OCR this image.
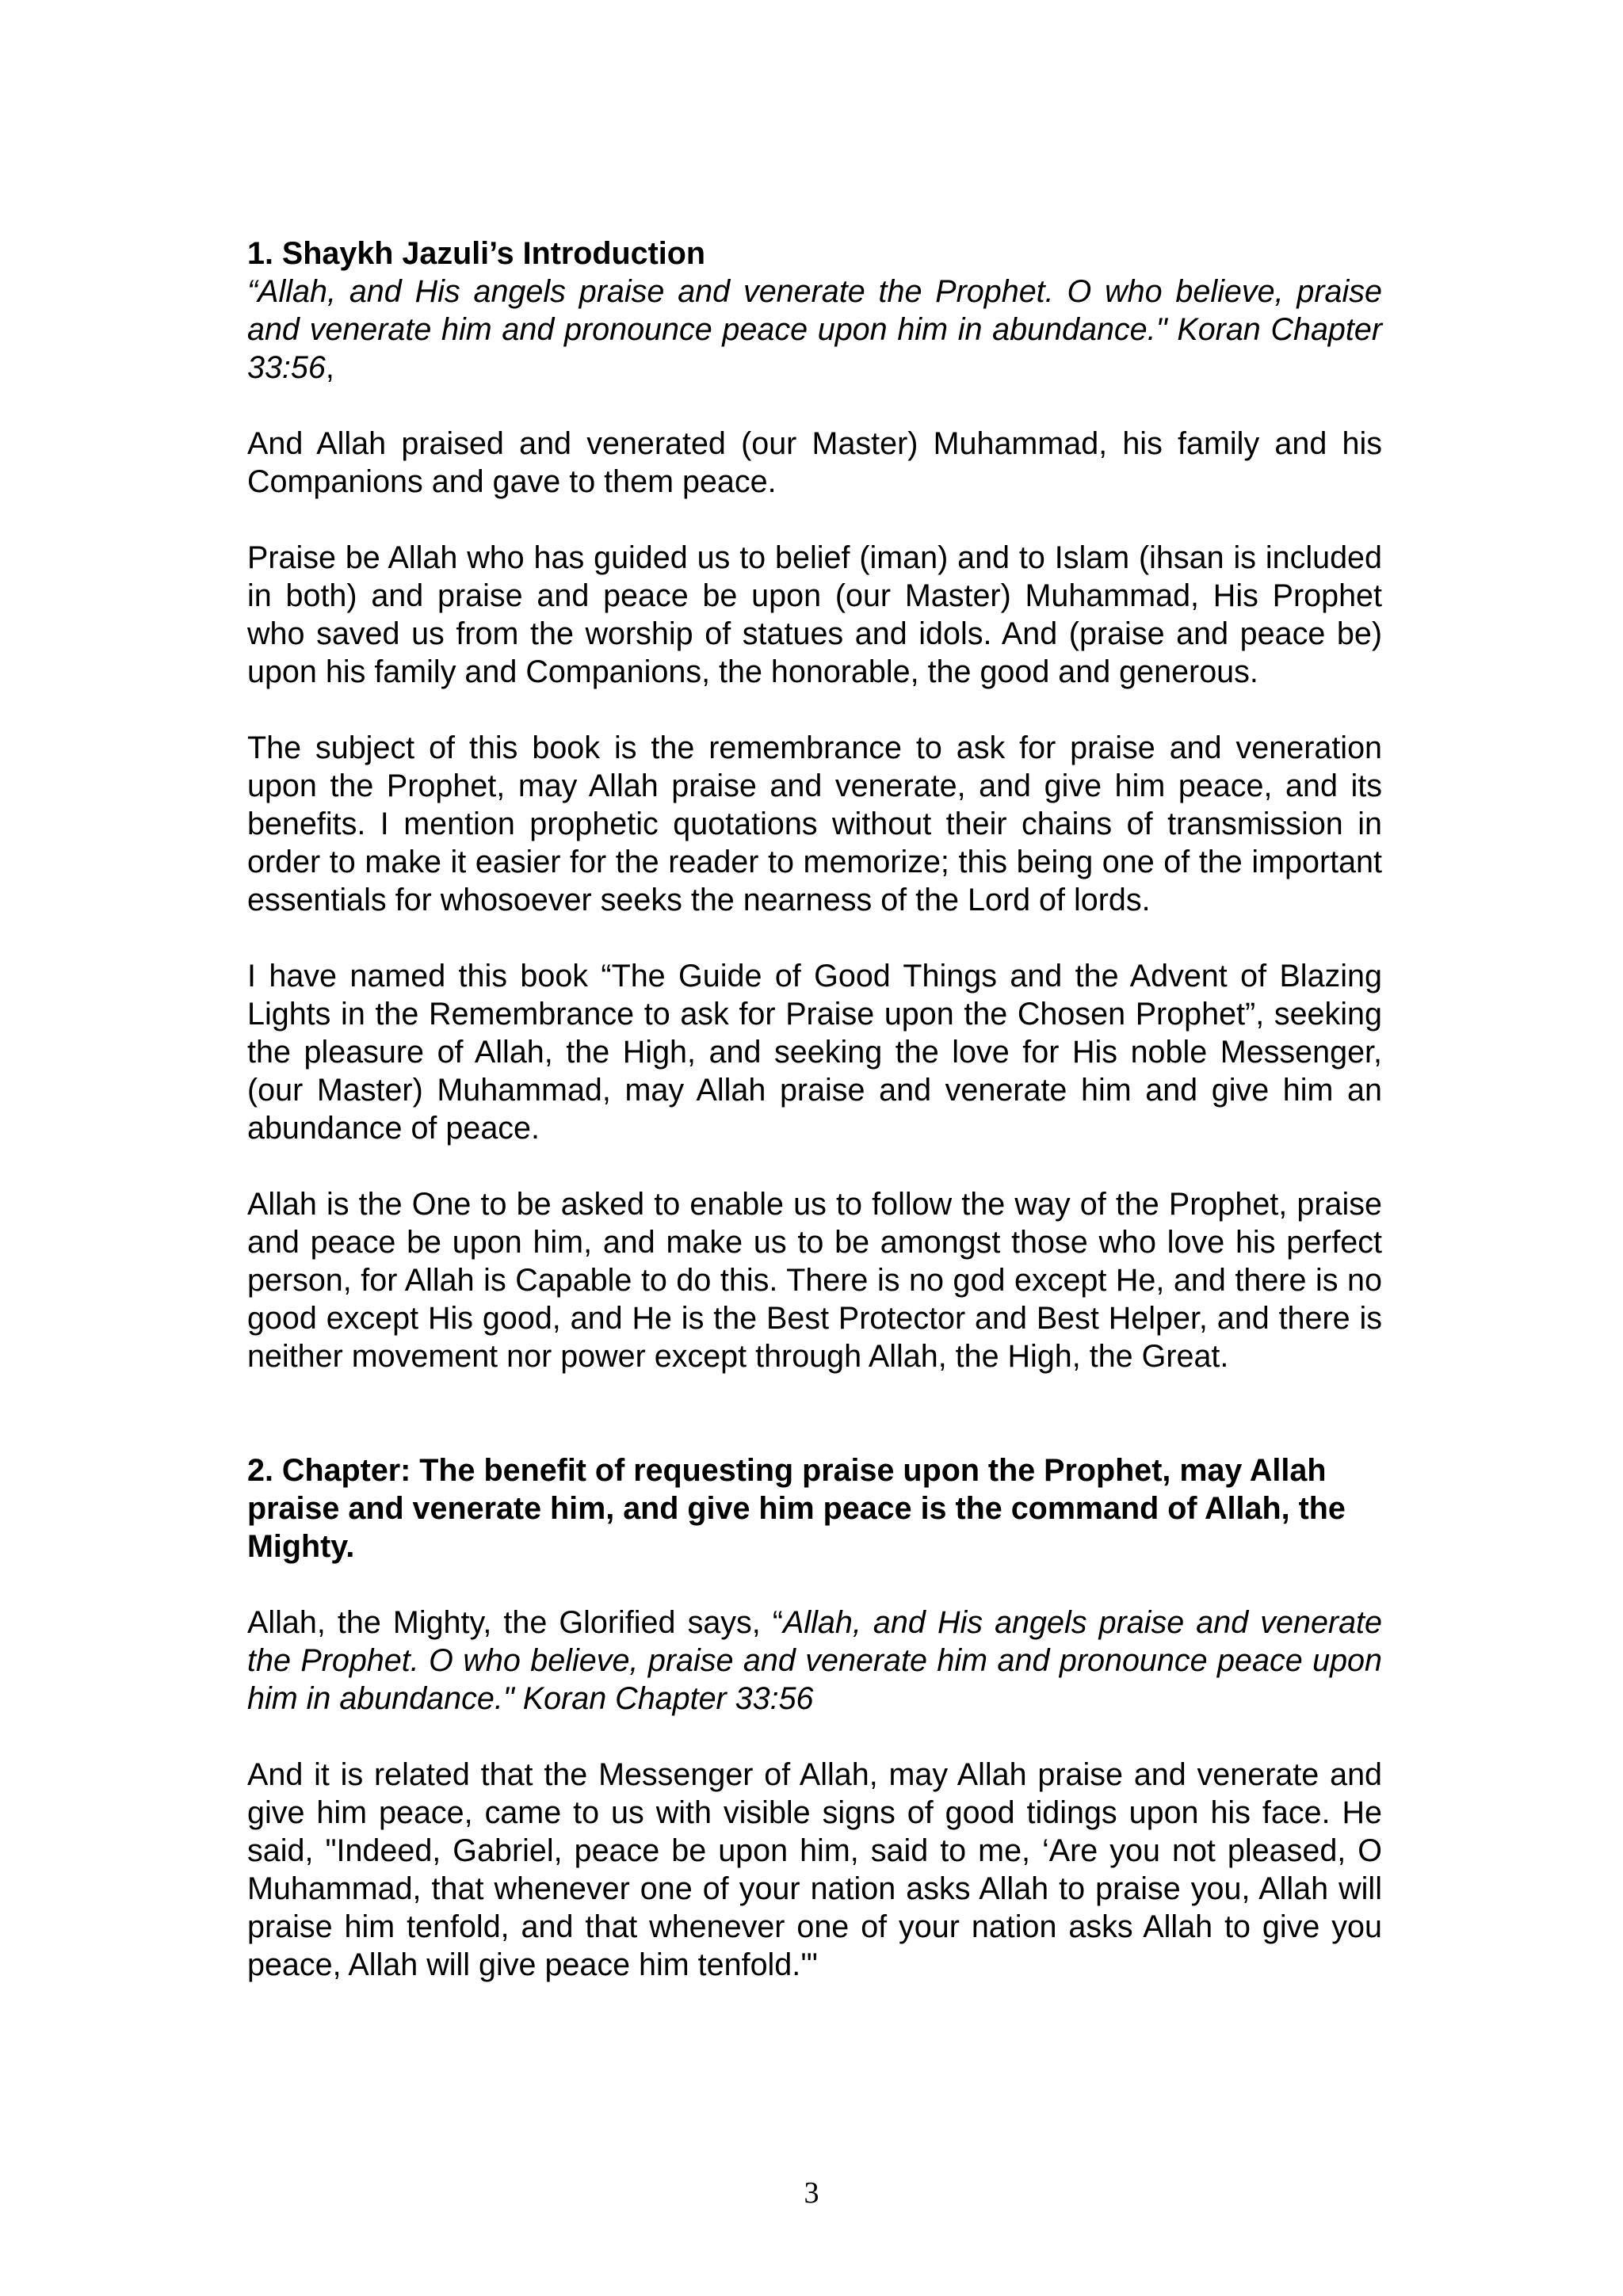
1. Shaykh Jazuli’s Introduction

“Allah, and His angels praise and venerate the Prophet. O who believe, praise and venerate him and pronounce peace upon him in abundance." Koran Chapter 33:56,

And Allah praised and venerated (our Master) Muhammad, his family and his Companions and gave to them peace.

Praise be Allah who has guided us to belief (iman) and to Islam (ihsan is included in both) and praise and peace be upon (our Master) Muhammad, His Prophet who saved us from the worship of statues and idols. And (praise and peace be) upon his family and Companions, the honorable, the good and generous.

The subject of this book is the remembrance to ask for praise and veneration upon the Prophet, may Allah praise and venerate, and give him peace, and its benefits. I mention prophetic quotations without their chains of transmission in order to make it easier for the reader to memorize; this being one of the important essentials for whosoever seeks the nearness of the Lord of lords.

I have named this book “The Guide of Good Things and the Advent of Blazing Lights in the Remembrance to ask for Praise upon the Chosen Prophet”, seeking the pleasure of Allah, the High, and seeking the love for His noble Messenger, (our Master) Muhammad, may Allah praise and venerate him and give him an abundance of peace.

Allah is the One to be asked to enable us to follow the way of the Prophet, praise and peace be upon him, and make us to be amongst those who love his perfect person, for Allah is Capable to do this. There is no god except He, and there is no good except His good, and He is the Best Protector and Best Helper, and there is neither movement nor power except through Allah, the High, the Great.

2. Chapter: The benefit of requesting praise upon the Prophet, may Allah praise and venerate him, and give him peace is the command of Allah, the Mighty.

Allah, the Mighty, the Glorified says, “Allah, and His angels praise and venerate the Prophet. O who believe, praise and venerate him and pronounce peace upon him in abundance." Koran Chapter 33:56

And it is related that the Messenger of Allah, may Allah praise and venerate and give him peace, came to us with visible signs of good tidings upon his face. He said, "Indeed, Gabriel, peace be upon him, said to me, ‘Are you not pleased, O Muhammad, that whenever one of your nation asks Allah to praise you, Allah will praise him tenfold, and that whenever one of your nation asks Allah to give you peace, Allah will give peace him tenfold.'"

3
